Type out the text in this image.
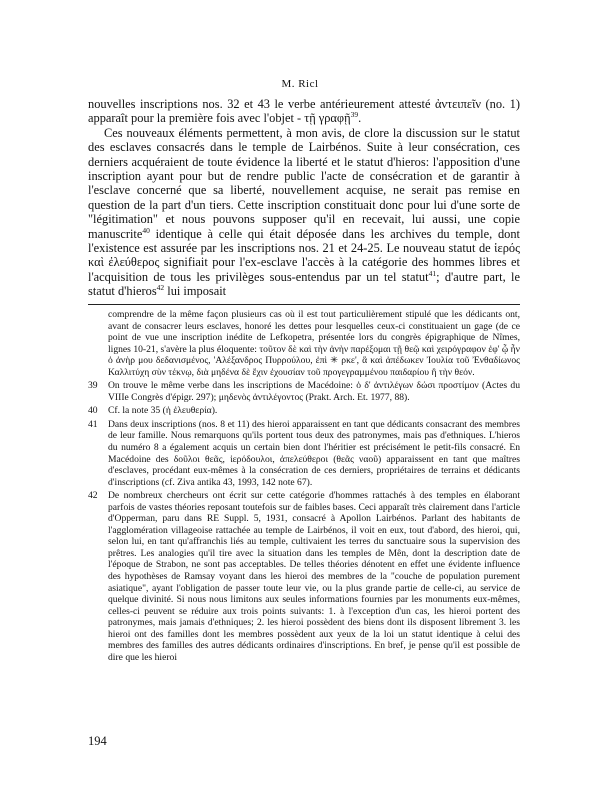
M. Ricl

nouvelles inscriptions nos. 32 et 43 le verbe antérieurement attesté ἀντειπεῖν (no. 1) apparaît pour la première fois avec l'objet - τῇ γραφῇ$^{39}$.

Ces nouveaux éléments permettent, à mon avis, de clore la discussion sur le statut des esclaves consacrés dans le temple de Lairbénos. Suite à leur consécration, ces derniers acquéraient de toute évidence la liberté et le statut d'hieros: l'apposition d'une inscription ayant pour but de rendre public l'acte de consécration et de garantir à l'esclave concerné que sa liberté, nouvellement acquise, ne serait pas remise en question de la part d'un tiers. Cette inscription constituait donc pour lui d'une sorte de "légitimation" et nous pouvons supposer qu'il en recevait, lui aussi, une copie manuscrite$^{40}$ identique à celle qui était déposée dans les archives du temple, dont l'existence est assurée par les inscriptions nos. 21 et 24-25. Le nouveau statut de ἱερός καὶ ἐλεύθερος signifiait pour l'ex-esclave l'accès à la catégorie des hommes libres et l'acquisition de tous les privilèges sous-entendus par un tel statut$^{41}$; d'autre part, le statut d'hieros$^{42}$ lui imposait

comprendre de la même façon plusieurs cas où il est tout particulièrement stipulé que les dédicants ont, avant de consacrer leurs esclaves, honoré les dettes pour lesquelles ceux-ci constituaient un gage (de ce point de vue une inscription inédite de Lefkopetra, présentée lors du congrès épigraphique de Nîmes, lignes 10-21, s'avère la plus éloquente: τοῦτον δὲ καὶ τὴν ἀνὴν παρέξομαι τῇ θεῷ καὶ χειρόγραφον ἐφ' ᾧ ἦν ὁ ἀνὴρ μου δεδανισμένος, 'Αλέξανδρος Πυρρούλου, ἐπὶ ✳ ρκε', ἃ καὶ ἀπέδωκεν Ἰουλία τοῦ Ἐνθαδίωνος Καλλιτύχη σὺν τέκνῳ, διὰ μηδένα δὲ ἔχιν ἐχουσίαν τοῦ προγεγραμμένου παιδαρίου ἢ τὴν θεόν.
39 On trouve le même verbe dans les inscriptions de Macédoine: ὁ δ' ἀντιλέγων δώσι προστίμον (Actes du VIIIe Congrès d'épigr. 297); μηδενὸς ἀντιλέγοντος (Prakt. Arch. Et. 1977, 88).
40 Cf. la note 35 (ἡ ἐλευθερία).
41 Dans deux inscriptions (nos. 8 et 11) des hieroi apparaissent en tant que dédicants consacrant des membres de leur famille. Nous remarquons qu'ils portent tous deux des patronymes, mais pas d'ethniques. L'hieros du numéro 8 a également acquis un certain bien dont l'héritier est précisément le petit-fils consacré. En Macédoine des δοῦλοι θεᾶς, ἱερόδουλοι, ἀπελεύθεροι (θεᾶς ναοῦ) apparaissent en tant que maîtres d'esclaves, procédant eux-mêmes à la consécration de ces derniers, propriétaires de terrains et dédicants d'inscriptions (cf. Ziva antika 43, 1993, 142 note 67).
42 De nombreux chercheurs ont écrit sur cette catégorie d'hommes rattachés à des temples en élaborant parfois de vastes théories reposant toutefois sur de faibles bases. Ceci apparaît très clairement dans l'article d'Opperman, paru dans RE Suppl. 5, 1931, consacré à Apollon Lairbénos. Parlant des habitants de l'agglomération villageoise rattachée au temple de Lairbénos, il voit en eux, tout d'abord, des hieroi, qui, selon lui, en tant qu'affranchis liés au temple, cultivaient les terres du sanctuaire sous la supervision des prêtres. Les analogies qu'il tire avec la situation dans les temples de Mên, dont la description date de l'époque de Strabon, ne sont pas acceptables. De telles théories dénotent en effet une évidente influence des hypothèses de Ramsay voyant dans les hieroi des membres de la "couche de population purement asiatique", ayant l'obligation de passer toute leur vie, ou la plus grande partie de celle-ci, au service de quelque divinité. Si nous nous limitons aux seules informations fournies par les monuments eux-mêmes, celles-ci peuvent se réduire aux trois points suivants: 1. à l'exception d'un cas, les hieroi portent des patronymes, mais jamais d'ethniques; 2. les hieroi possèdent des biens dont ils disposent librement 3. les hieroi ont des familles dont les membres possèdent aux yeux de la loi un statut identique à celui des membres des familles des autres dédicants ordinaires d'inscriptions. En bref, je pense qu'il est possible de dire que les hieroi
194
